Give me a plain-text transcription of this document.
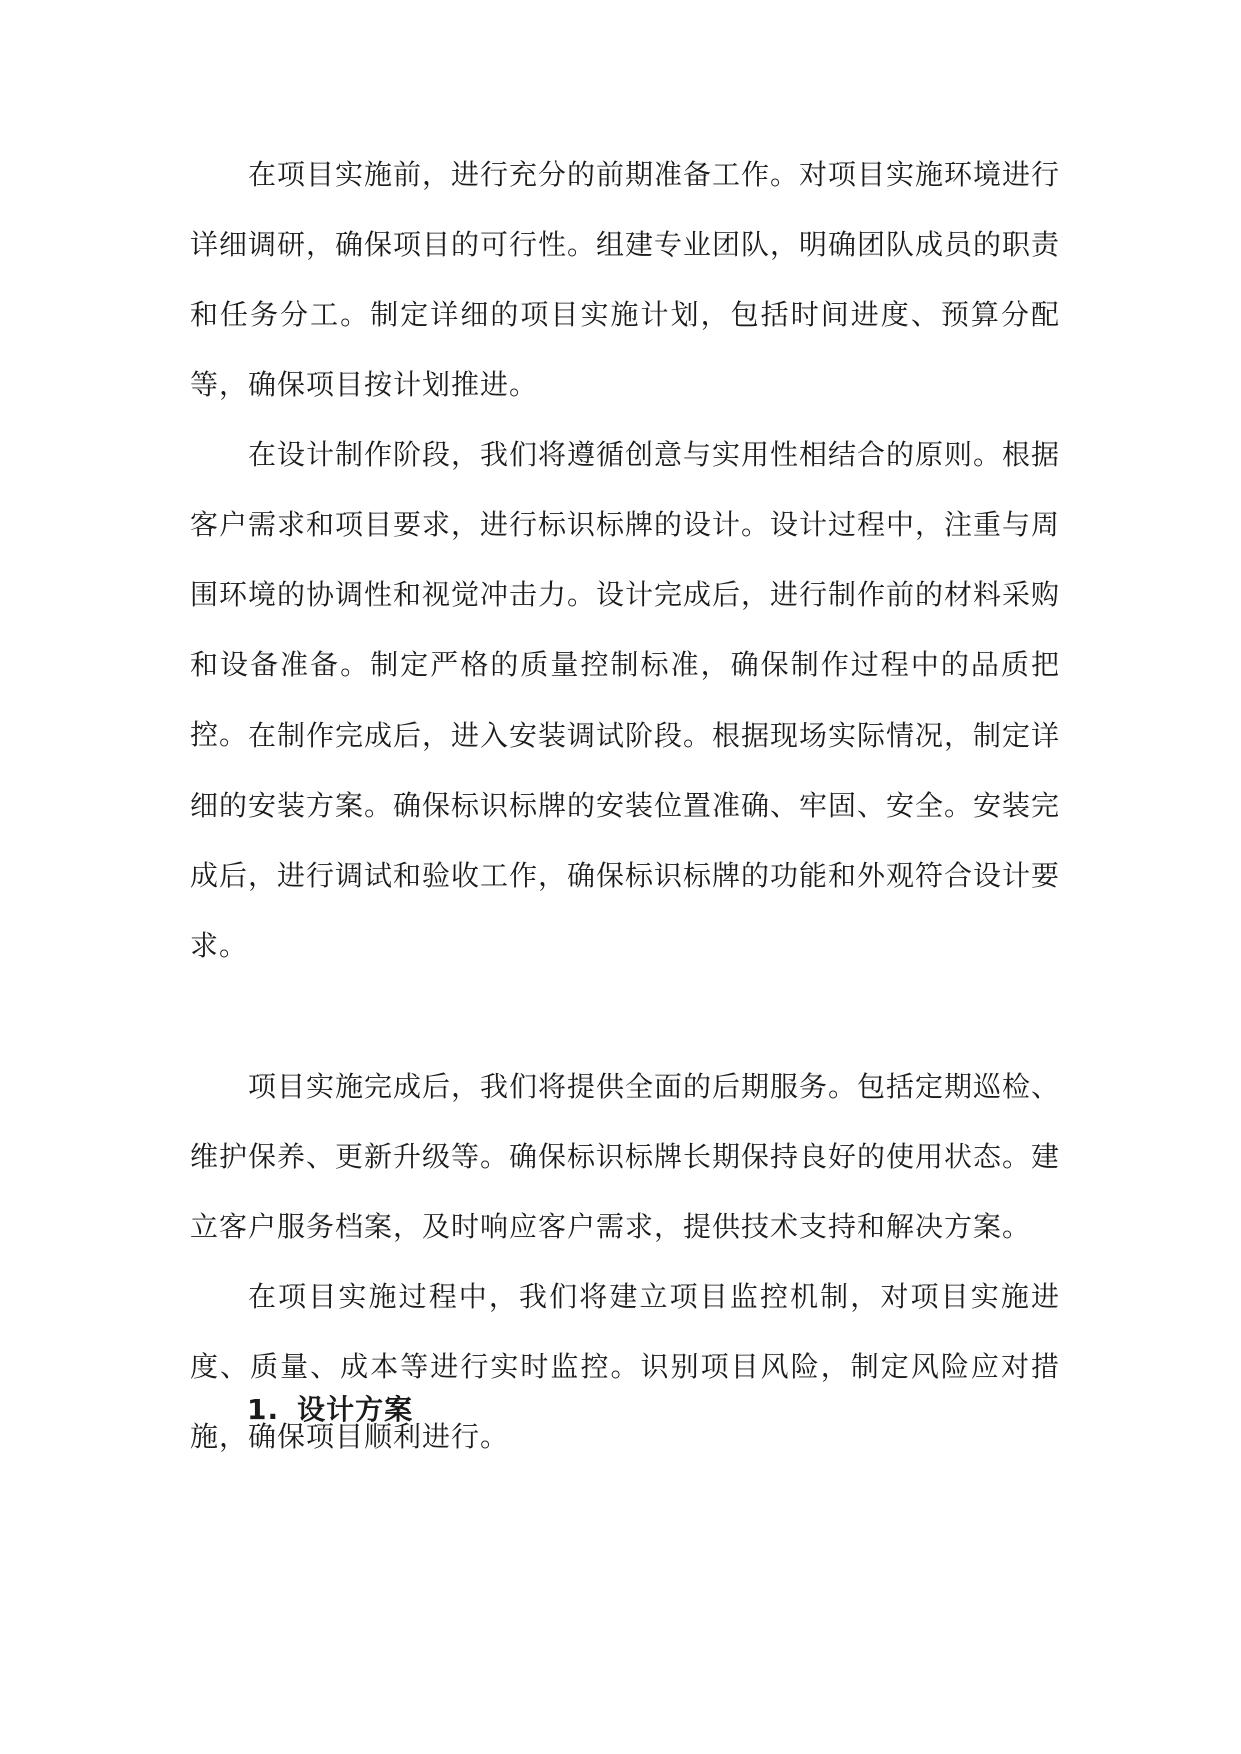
在项目实施前，进行充分的前期准备工作。对项目实施环境进行详细调研，确保项目的可行性。组建专业团队，明确团队成员的职责和任务分工。制定详细的项目实施计划，包括时间进度、预算分配等，确保项目按计划推进。

在设计制作阶段，我们将遵循创意与实用性相结合的原则。根据客户需求和项目要求，进行标识标牌的设计。设计过程中，注重与周围环境的协调性和视觉冲击力。设计完成后，进行制作前的材料采购和设备准备。制定严格的质量控制标准，确保制作过程中的品质把控。 在制作完成后，进入安装调试阶段。根据现场实际情况，制定详细的安装方案。确保标识标牌的安装位置准确、牢固、安全。安装完成后，进行调试和验收工作，确保标识标牌的功能和外观符合设计要求。

项目实施完成后，我们将提供全面的后期服务。包括定期巡检、维护保养、更新升级等。确保标识标牌长期保持良好的使用状态。建立客户服务档案，及时响应客户需求，提供技术支持和解决方案。

在项目实施过程中，我们将建立项目监控机制，对项目实施进度、质量、成本等进行实时监控。识别项目风险，制定风险应对措施，确保项目顺利进行。

1. 设计方案
